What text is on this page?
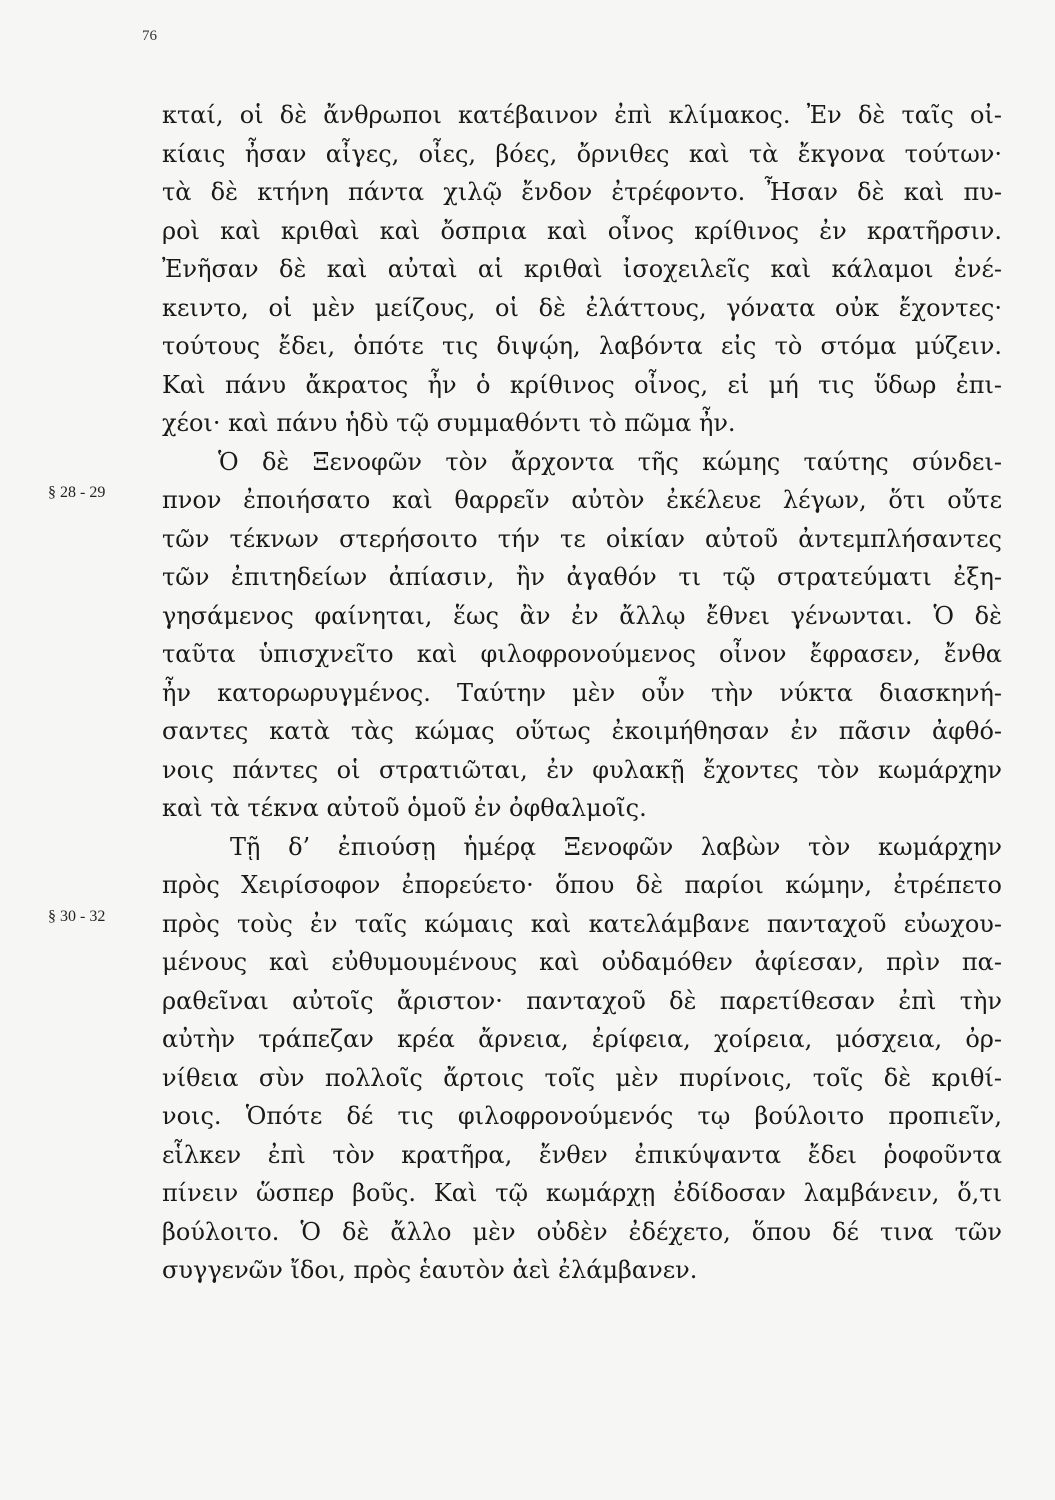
76
§ 28 - 29
§ 30 - 32
κταί, οἱ δὲ ἄνθρωποι κατέβαινον ἐπὶ κλίμακος. Ἐν δὲ ταῖς οἰ-
κίαις ἦσαν αἶγες, οἶες, βόες, ὄρνιθες καὶ τὰ ἔκγονα τούτων·
τὰ δὲ κτήνη πάντα χιλῷ ἔνδον ἐτρέφοντο. Ἦσαν δὲ καὶ πυ-
ροὶ καὶ κριθαὶ καὶ ὄσπρια καὶ οἶνος κρίθινος ἐν κρατῆρσιν.
Ἐνῆσαν δὲ καὶ αὐταὶ αἱ κριθαὶ ἰσοχειλεῖς καὶ κάλαμοι ἐνέ-
κειντο, οἱ μὲν μείζους, οἱ δὲ ἐλάττους, γόνατα οὐκ ἔχοντες·
τούτους ἔδει, ὁπότε τις διψῴη, λαβόντα εἰς τὸ στόμα μύζειν.
Καὶ πάνυ ἄκρατος ἦν ὁ κρίθινος οἶνος, εἰ μή τις ὕδωρ ἐπι-
χέοι· καὶ πάνυ ἡδὺ τῷ συμμαθόντι τὸ πῶμα ἦν.
Ὁ δὲ Ξενοφῶν τὸν ἄρχοντα τῆς κώμης ταύτης σύνδει-
πνον ἐποιήσατο καὶ θαρρεῖν αὐτὸν ἐκέλευε λέγων, ὅτι οὔτε
τῶν τέκνων στερήσοιτο τήν τε οἰκίαν αὐτοῦ ἀντεμπλήσαντες
τῶν ἐπιτηδείων ἀπίασιν, ἢν ἀγαθόν τι τῷ στρατεύματι ἐξη-
γησάμενος φαίνηται, ἕως ἂν ἐν ἄλλῳ ἔθνει γένωνται. Ὁ δὲ
ταῦτα ὑπισχνεῖτο καὶ φιλοφρονούμενος οἶνον ἔφρασεν, ἔνθα
ἦν κατορωρυγμένος. Ταύτην μὲν οὖν τὴν νύκτα διασκηνή-
σαντες κατὰ τὰς κώμας οὕτως ἐκοιμήθησαν ἐν πᾶσιν ἀφθό-
νοις πάντες οἱ στρατιῶται, ἐν φυλακῇ ἔχοντες τὸν κωμάρχην
καὶ τὰ τέκνα αὐτοῦ ὁμοῦ ἐν ὀφθαλμοῖς.
Τῇ δ’ ἐπιούσῃ ἡμέρᾳ Ξενοφῶν λαβὼν τὸν κωμάρχην
πρὸς Χειρίσοφον ἐπορεύετο· ὅπου δὲ παρίοι κώμην, ἐτρέπετο
πρὸς τοὺς ἐν ταῖς κώμαις καὶ κατελάμβανε πανταχοῦ εὐωχου-
μένους καὶ εὐθυμουμένους καὶ οὐδαμόθεν ἀφίεσαν, πρὶν πα-
ραθεῖναι αὐτοῖς ἄριστον· πανταχοῦ δὲ παρετίθεσαν ἐπὶ τὴν
αὐτὴν τράπεζαν κρέα ἄρνεια, ἐρίφεια, χοίρεια, μόσχεια, ὀρ-
νίθεια σὺν πολλοῖς ἄρτοις τοῖς μὲν πυρίνοις, τοῖς δὲ κριθί-
νοις. Ὁπότε δέ τις φιλοφρονούμενός τῳ βούλοιτο προπιεῖν,
εἷλκεν ἐπὶ τὸν κρατῆρα, ἔνθεν ἐπικύψαντα ἔδει ῥοφοῦντα
πίνειν ὥσπερ βοῦς. Καὶ τῷ κωμάρχῃ ἐδίδοσαν λαμβάνειν, ὅ,τι
βούλοιτο. Ὁ δὲ ἄλλο μὲν οὐδὲν ἐδέχετο, ὅπου δέ τινα τῶν
συγγενῶν ἴδοι, πρὸς ἑαυτὸν ἀεὶ ἐλάμβανεν.
